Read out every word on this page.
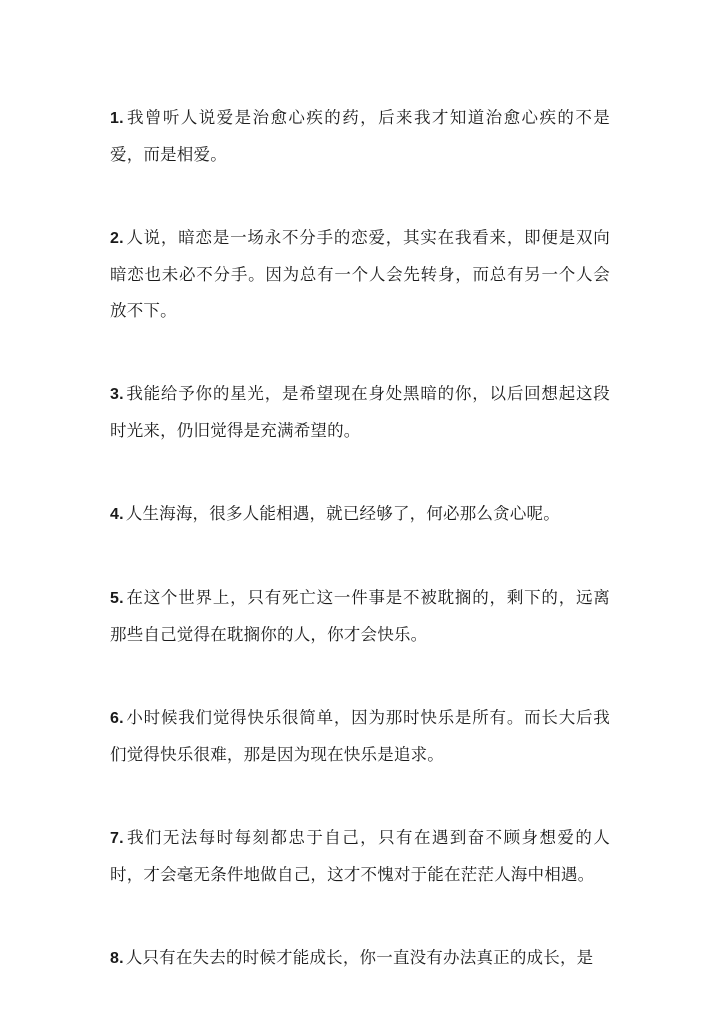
1. 我曾听人说爱是治愈心疾的药，后来我才知道治愈心疾的不是爱，而是相爱。

2. 人说，暗恋是一场永不分手的恋爱，其实在我看来，即便是双向暗恋也未必不分手。因为总有一个人会先转身，而总有另一个人会放不下。

3. 我能给予你的星光，是希望现在身处黑暗的你，以后回想起这段时光来，仍旧觉得是充满希望的。

4. 人生海海，很多人能相遇，就已经够了，何必那么贪心呢。

5. 在这个世界上，只有死亡这一件事是不被耽搁的，剩下的，远离那些自己觉得在耽搁你的人，你才会快乐。

6. 小时候我们觉得快乐很简单，因为那时快乐是所有。而长大后我们觉得快乐很难，那是因为现在快乐是追求。

7. 我们无法每时每刻都忠于自己，只有在遇到奋不顾身想爱的人时，才会毫无条件地做自己，这才不愧对于能在茫茫人海中相遇。

8. 人只有在失去的时候才能成长，你一直没有办法真正的成长，是
